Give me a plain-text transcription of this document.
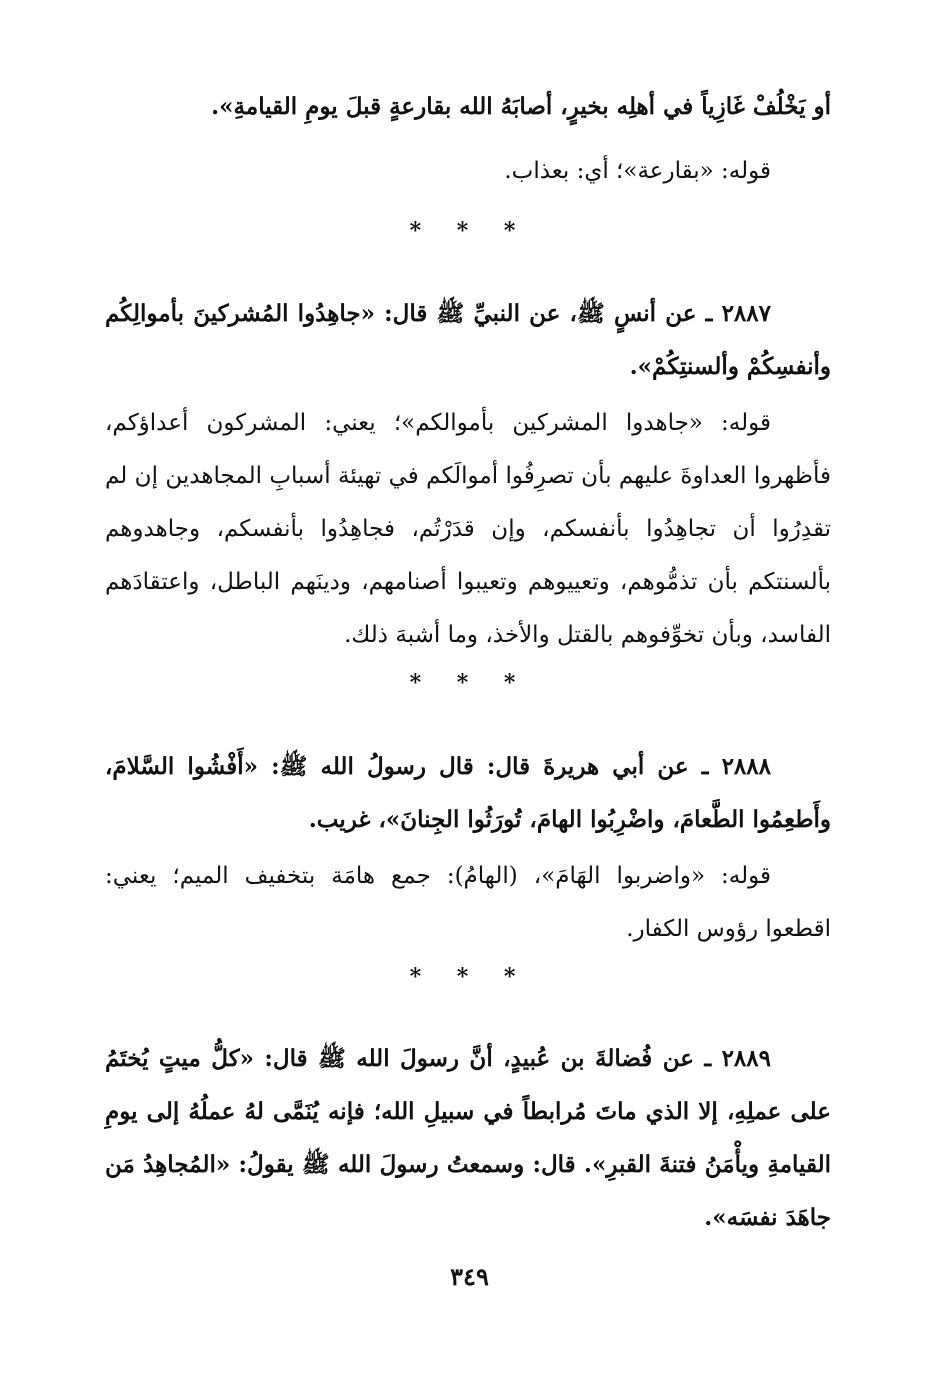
أو يَخْلُفْ غَازِياً في أهلِه بخيرٍ، أصابَهُ الله بقارعةٍ قبلَ يومِ القيامةِ».
قوله: «بقارعة»؛ أي: بعذاب.
* * *
٢٨٨٧ ـ عن أنسٍ ﷺ، عن النبيِّ ﷺ قال: «جاهِدُوا المُشركينَ بأموالِكُم وأنفسِكُمْ وألسنتِكُمْ».
قوله: «جاهدوا المشركين بأموالكم»؛ يعني: المشركون أعداؤكم، فأظهروا العداوةَ عليهم بأن تصرِفُوا أموالَكم في تهيئة أسبابِ المجاهدين إن لم تقدِرُوا أن تجاهِدُوا بأنفسكم، وإن قدَرْتُم، فجاهِدُوا بأنفسكم، وجاهدوهم بألسنتكم بأن تذمُّوهم، وتعييوهم وتعيبوا أصنامهم، ودينَهم الباطل، واعتقادَهم الفاسد، وبأن تخوِّفوهم بالقتل والأخذ، وما أشبهَ ذلك.
* * *
٢٨٨٨ ـ عن أبي هريرةَ قال: قال رسولُ الله ﷺ: «أَفْشُوا السَّلامَ، وأَطعِمُوا الطَّعامَ، واضْرِبُوا الهامَ، تُورَثُوا الجِنانَ»، غريب.
قوله: «واضربوا الهَامَ»، (الهامُ): جمع هامَة بتخفيف الميم؛ يعني: اقطعوا رؤوس الكفار.
* * *
٢٨٨٩ ـ عن فُضالةَ بن عُبيدٍ، أنَّ رسولَ الله ﷺ قال: «كلُّ ميتٍ يُختَمُ على عملِهِ، إلا الذي ماتَ مُرابطاً في سبيلِ الله؛ فإنه يُنَمَّى لهُ عملُهُ إلى يومِ القيامةِ ويأْمَنُ فتنةَ القبرِ». قال: وسمعتُ رسولَ الله ﷺ يقولُ: «المُجاهِدُ مَن جاهَدَ نفسَه».
٣٤٩
